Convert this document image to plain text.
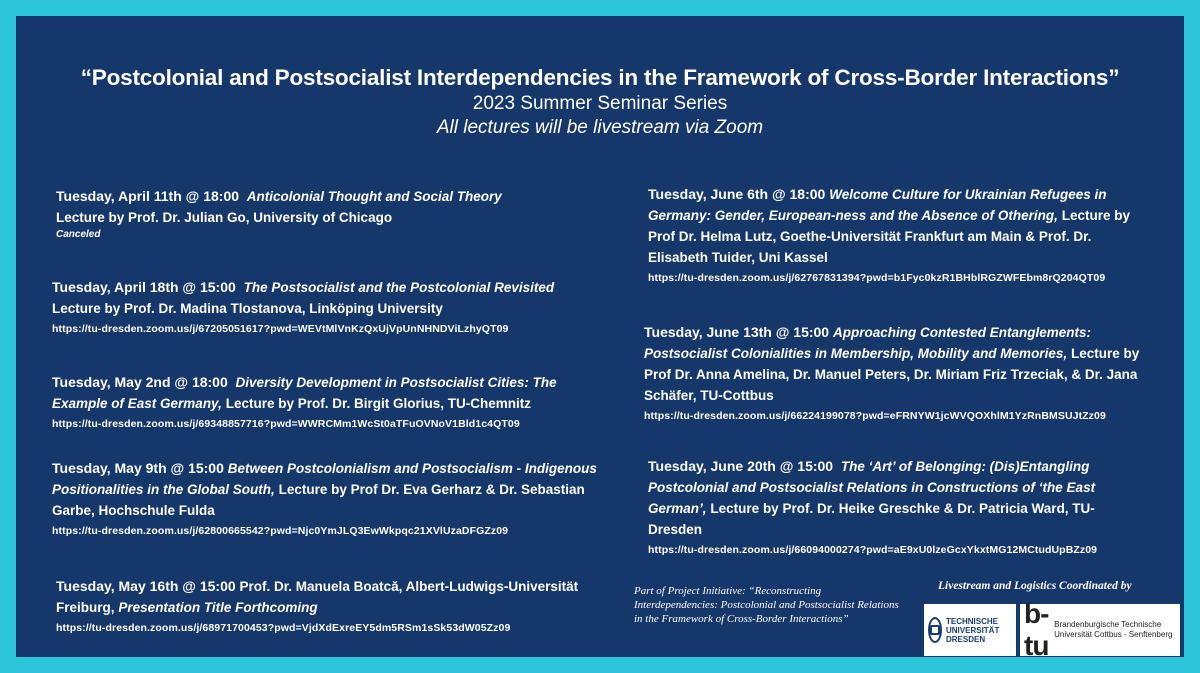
“Postcolonial and Postsocialist Interdependencies in the Framework of Cross-Border Interactions”
2023 Summer Seminar Series
All lectures will be livestream via Zoom
Tuesday, April 11th @ 18:00 Anticolonial Thought and Social Theory
Lecture by Prof. Dr. Julian Go, University of Chicago
Canceled
Tuesday, April 18th @ 15:00 The Postsocialist and the Postcolonial Revisited
Lecture by Prof. Dr. Madina Tlostanova, Linköping University
https://tu-dresden.zoom.us/j/67205051617?pwd=WEVtMlVnKzQxUjVpUnNHNDViLzhyQT09
Tuesday, May 2nd @ 18:00 Diversity Development in Postsocialist Cities: The Example of East Germany, Lecture by Prof. Dr. Birgit Glorius, TU-Chemnitz
https://tu-dresden.zoom.us/j/69348857716?pwd=WWRCMm1WcSt0aTFuOVNoV1Bld1c4QT09
Tuesday, May 9th @ 15:00 Between Postcolonialism and Postsocialism - Indigenous Positionalities in the Global South, Lecture by Prof Dr. Eva Gerharz & Dr. Sebastian Garbe, Hochschule Fulda
https://tu-dresden.zoom.us/j/62800665542?pwd=Njc0YmJLQ3EwWkpqc21XVlUzaDFGZz09
Tuesday, May 16th @ 15:00 Prof. Dr. Manuela Boatcă, Albert-Ludwigs-Universität Freiburg, Presentation Title Forthcoming
https://tu-dresden.zoom.us/j/68971700453?pwd=VjdXdExreEY5dm5RSm1sSk53dW05Zz09
Tuesday, June 6th @ 18:00 Welcome Culture for Ukrainian Refugees in Germany: Gender, European-ness and the Absence of Othering, Lecture by Prof Dr. Helma Lutz, Goethe-Universität Frankfurt am Main & Prof. Dr. Elisabeth Tuider, Uni Kassel
https://tu-dresden.zoom.us/j/62767831394?pwd=b1Fyc0kzR1BHblRGZWFEbm8rQ204QT09
Tuesday, June 13th @ 15:00 Approaching Contested Entanglements: Postsocialist Colonialities in Membership, Mobility and Memories, Lecture by Prof Dr. Anna Amelina, Dr. Manuel Peters, Dr. Miriam Friz Trzeciak, & Dr. Jana Schäfer, TU-Cottbus
https://tu-dresden.zoom.us/j/66224199078?pwd=eFRNYW1jcWVQOXhlM1YzRnBMSUJtZz09
Tuesday, June 20th @ 15:00 The ‘Art’ of Belonging: (Dis)Entangling Postcolonial and Postsocialist Relations in Constructions of ‘the East German’, Lecture by Prof. Dr. Heike Greschke & Dr. Patricia Ward, TU-Dresden
https://tu-dresden.zoom.us/j/66094000274?pwd=aE9xU0lzeGcxYkxtMG12MCtudUpBZz09
Part of Project Initiative: “Reconstructing Interdependencies: Postcolonial and Postsocialist Relations in the Framework of Cross-Border Interactions”
Livestream and Logistics Coordinated by
TECHNISCHE UNIVERSITÄT DRESDEN
b-tu
Brandenburgische Technische Universität Cottbus - Senftenberg
